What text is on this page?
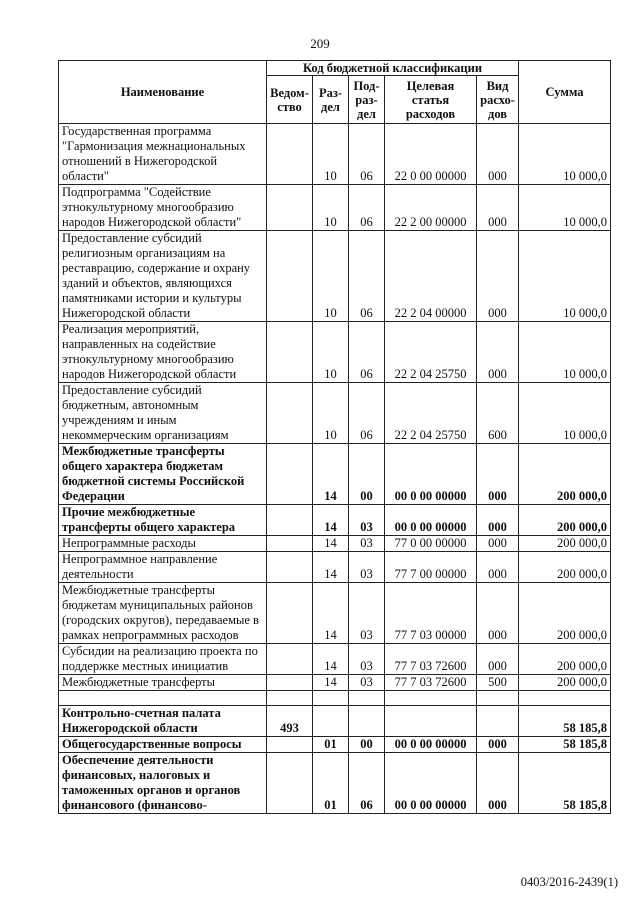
209
Наименование	Код бюджетной классификации					Сумма
	Ведом-ство	Раз-дел	Под-раз-дел	Целевая статья расходов	Вид расхо-дов	
Государственная программа "Гармонизация межнациональных отношений в Нижегородской области"		10	06	22 0 00 00000	000	10 000,0
Подпрограмма "Содействие этнокультурному многообразию народов Нижегородской области"		10	06	22 2 00 00000	000	10 000,0
Предоставление субсидий религиозным организациям на реставрацию, содержание и охрану зданий и объектов, являющихся памятниками истории и культуры Нижегородской области		10	06	22 2 04 00000	000	10 000,0
Реализация мероприятий, направленных на содействие этнокультурному многообразию народов Нижегородской области		10	06	22 2 04 25750	000	10 000,0
Предоставление субсидий бюджетным, автономным учреждениям и иным некоммерческим организациям		10	06	22 2 04 25750	600	10 000,0
Межбюджетные трансферты общего характера бюджетам бюджетной системы Российской Федерации		14	00	00 0 00 00000	000	200 000,0
Прочие межбюджетные трансферты общего характера		14	03	00 0 00 00000	000	200 000,0
Непрограммные расходы		14	03	77 0 00 00000	000	200 000,0
Непрограммное направление деятельности		14	03	77 7 00 00000	000	200 000,0
Межбюджетные трансферты бюджетам муниципальных районов (городских округов), передаваемые в рамках непрограммных расходов		14	03	77 7 03 00000	000	200 000,0
Субсидии на реализацию проекта по поддержке местных инициатив		14	03	77 7 03 72600	000	200 000,0
Межбюджетные трансферты		14	03	77 7 03 72600	500	200 000,0

Контрольно-счетная палата Нижегородской области	493					58 185,8
Общегосударственные вопросы		01	00	00 0 00 00000	000	58 185,8
Обеспечение деятельности финансовых, налоговых и таможенных органов и органов финансового (финансово-		01	06	00 0 00 00000	000	58 185,8
0403/2016-2439(1)
